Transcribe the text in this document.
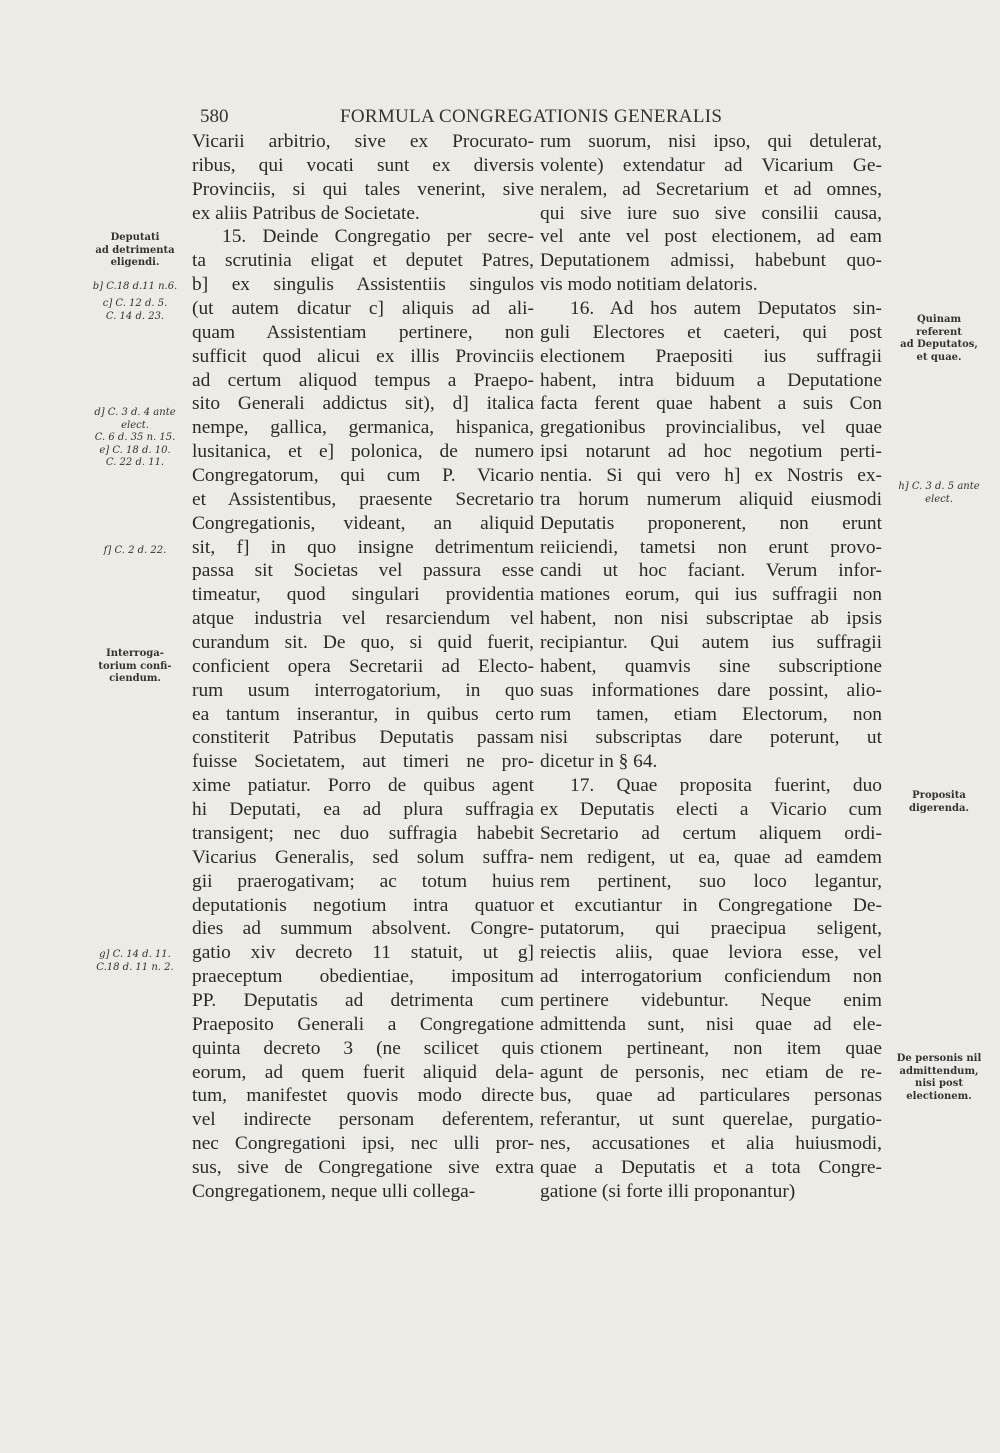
580	FORMULA CONGREGATIONIS GENERALIS
Vicarii arbitrio, sive ex Procurato-
ribus, qui vocati sunt ex diversis
Provinciis, si qui tales venerint, sive
ex aliis Patribus de Societate.
15. Deinde Congregatio per secre-
ta scrutinia eligat et deputet Patres,
b] ex singulis Assistentiis singulos
(ut autem dicatur c] aliquis ad ali-
quam Assistentiam pertinere, non
sufficit quod alicui ex illis Provinciis
ad certum aliquod tempus a Praepo-
sito Generali addictus sit), d] italica
nempe, gallica, germanica, hispanica,
lusitanica, et e] polonica, de numero
Congregatorum, qui cum P. Vicario
et Assistentibus, praesente Secretario
Congregationis, videant, an aliquid
sit, f] in quo insigne detrimentum
passa sit Societas vel passura esse
timeatur, quod singulari providentia
atque industria vel resarciendum vel
curandum sit. De quo, si quid fuerit,
conficient opera Secretarii ad Electo-
rum usum interrogatorium, in quo
ea tantum inserantur, in quibus certo
constiterit Patribus Deputatis passam
fuisse Societatem, aut timeri ne pro-
xime patiatur. Porro de quibus agent
hi Deputati, ea ad plura suffragia
transigent; nec duo suffragia habebit
Vicarius Generalis, sed solum suffra-
gii praerogativam; ac totum huius
deputationis negotium intra quatuor
dies ad summum absolvent. Congre-
gatio xiv decreto 11 statuit, ut g]
praeceptum obedientiae, impositum
PP. Deputatis ad detrimenta cum
Praeposito Generali a Congregatione
quinta decreto 3 (ne scilicet quis
eorum, ad quem fuerit aliquid dela-
tum, manifestet quovis modo directe
vel indirecte personam deferentem,
nec Congregationi ipsi, nec ulli pror-
sus, sive de Congregatione sive extra
Congregationem, neque ulli collega-
rum suorum, nisi ipso, qui detulerat,
volente) extendatur ad Vicarium Ge-
neralem, ad Secretarium et ad omnes,
qui sive iure suo sive consilii causa,
vel ante vel post electionem, ad eam
Deputationem admissi, habebunt quo-
vis modo notitiam delatoris.
16. Ad hos autem Deputatos sin-
guli Electores et caeteri, qui post
electionem Praepositi ius suffragii
habent, intra biduum a Deputatione
facta ferent quae habent a suis Con
gregationibus provincialibus, vel quae
ipsi notarunt ad hoc negotium perti-
nentia. Si qui vero h] ex Nostris ex-
tra horum numerum aliquid eiusmodi
Deputatis proponerent, non erunt
reiiciendi, tametsi non erunt provo-
candi ut hoc faciant. Verum infor-
mationes eorum, qui ius suffragii non
habent, non nisi subscriptae ab ipsis
recipiantur. Qui autem ius suffragii
habent, quamvis sine subscriptione
suas informationes dare possint, alio-
rum tamen, etiam Electorum, non
nisi subscriptas dare poterunt, ut
dicetur in § 64.
17. Quae proposita fuerint, duo
ex Deputatis electi a Vicario cum
Secretario ad certum aliquem ordi-
nem redigent, ut ea, quae ad eamdem
rem pertinent, suo loco legantur,
et excutiantur in Congregatione De-
putatorum, qui praecipua seligent,
reiectis aliis, quae leviora esse, vel
ad interrogatorium conficiendum non
pertinere videbuntur. Neque enim
admittenda sunt, nisi quae ad ele-
ctionem pertineant, non item quae
agunt de personis, nec etiam de re-
bus, quae ad particulares personas
referantur, ut sunt querelae, purgatio-
nes, accusationes et alia huiusmodi,
quae a Deputatis et a tota Congre-
gatione (si forte illi proponantur)
Deputati
ad detrimenta
eligendi.
b] C.18 d.11 n.6.
c] C. 12 d. 5.
C. 14 d. 23.
d] C. 3 d. 4 ante
elect.
C. 6 d. 35 n. 15.
e] C. 18 d. 10.
C. 22 d. 11.
f] C. 2 d. 22.
Interroga-
torium confi-
ciendum.
g] C. 14 d. 11.
C.18 d. 11 n. 2.
Quinam
referent
ad Deputatos,
et quae.
h] C. 3 d. 5 ante
elect.
Proposita
digerenda.
De personis nil
admittendum,
nisi post
electionem.
